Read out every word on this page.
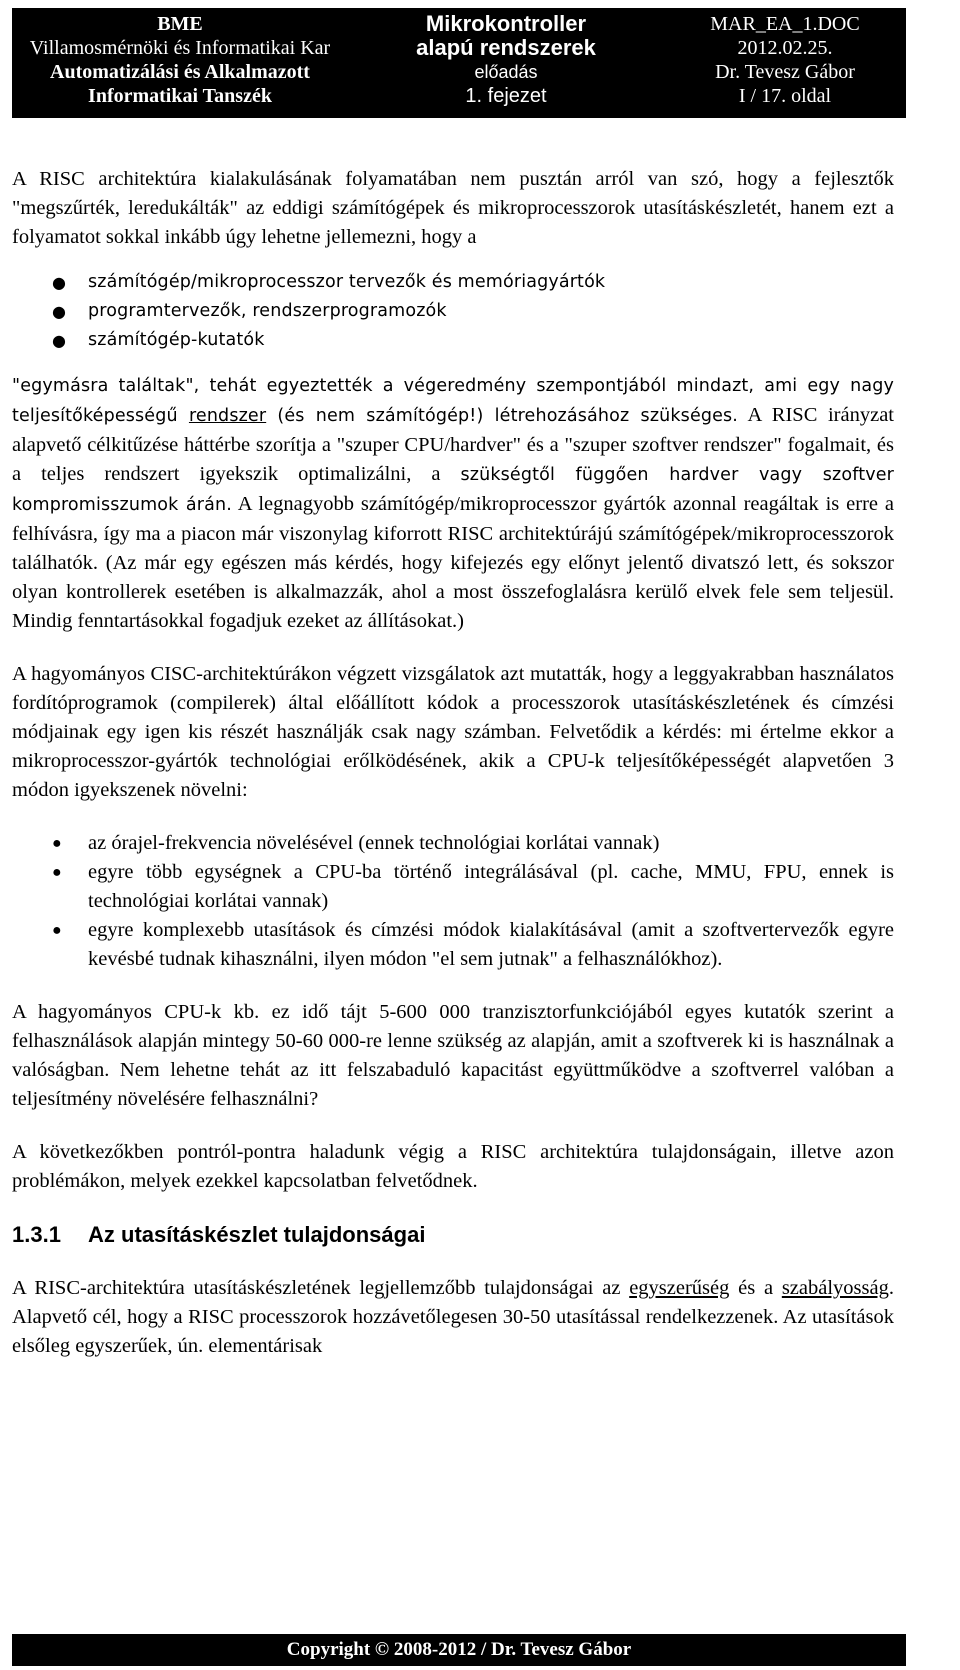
BME
Villamosmérnöki és Informatikai Kar
Automatizálási és Alkalmazott
Informatikai Tanszék
Mikrokontroller
alapú rendszerek
előadás
1. fejezet
MAR_EA_1.DOC
2012.02.25.
Dr. Tevesz Gábor
I / 17. oldal

A RISC architektúra kialakulásának folyamatában nem pusztán arról van szó, hogy a fejlesztők "megszűrték, leredukálták" az eddigi számítógépek és mikroprocesszorok utasításkészletét, hanem ezt a folyamatot sokkal inkább úgy lehetne jellemezni, hogy a

● számítógép/mikroprocesszor tervezők és memóriagyártók
● programtervezők, rendszerprogramozók
● számítógép-kutatók

"egymásra találtak", tehát egyeztették a végeredmény szempontjából mindazt, ami egy nagy teljesítőképességű rendszer (és nem számítógép!) létrehozásához szükséges. A RISC irányzat alapvető célkitűzése háttérbe szorítja a "szuper CPU/hardver" és a "szuper szoftver rendszer" fogalmait, és a teljes rendszert igyekszik optimalizálni, a szükségtől függően hardver vagy szoftver kompromisszumok árán. A legnagyobb számítógép/mikroprocesszor gyártók azonnal reagáltak is erre a felhívásra, így ma a piacon már viszonylag kiforrott RISC architektúrájú számítógépek/mikroprocesszorok találhatók. (Az már egy egészen más kérdés, hogy kifejezés egy előnyt jelentő divatszó lett, és sokszor olyan kontrollerek esetében is alkalmazzák, ahol a most összefoglalásra kerülő elvek fele sem teljesül. Mindig fenntartásokkal fogadjuk ezeket az állításokat.)

A hagyományos CISC-architektúrákon végzett vizsgálatok azt mutatták, hogy a leggyakrabban használatos fordítóprogramok (compilerek) által előállított kódok a processzorok utasításkészletének és címzési módjainak egy igen kis részét használják csak nagy számban. Felvetődik a kérdés: mi értelme ekkor a mikroprocesszor-gyártók technológiai erőlködésének, akik a CPU-k teljesítőképességét alapvetően 3 módon igyekszenek növelni:

● az órajel-frekvencia növelésével (ennek technológiai korlátai vannak)
● egyre több egységnek a CPU-ba történő integrálásával (pl. cache, MMU, FPU, ennek is technológiai korlátai vannak)
● egyre komplexebb utasítások és címzési módok kialakításával (amit a szoftvertervezők egyre kevésbé tudnak kihasználni, ilyen módon "el sem jutnak" a felhasználókhoz).

A hagyományos CPU-k kb. ez idő tájt 5-600 000 tranzisztorfunkciójából egyes kutatók szerint a felhasználások alapján mintegy 50-60 000-re lenne szükség az alapján, amit a szoftverek ki is használnak a valóságban. Nem lehetne tehát az itt felszabaduló kapacitást együttműködve a szoftverrel valóban a teljesítmény növelésére felhasználni?

A következőkben pontról-pontra haladunk végig a RISC architektúra tulajdonságain, illetve azon problémákon, melyek ezekkel kapcsolatban felvetődnek.

1.3.1 Az utasításkészlet tulajdonságai

A RISC-architektúra utasításkészletének legjellemzőbb tulajdonságai az egyszerűség és a szabályosság. Alapvető cél, hogy a RISC processzorok hozzávetőlegesen 30-50 utasítással rendelkezzenek. Az utasítások elsőleg egyszerűek, ún. elementárisak

Copyright © 2008-2012 / Dr. Tevesz Gábor
